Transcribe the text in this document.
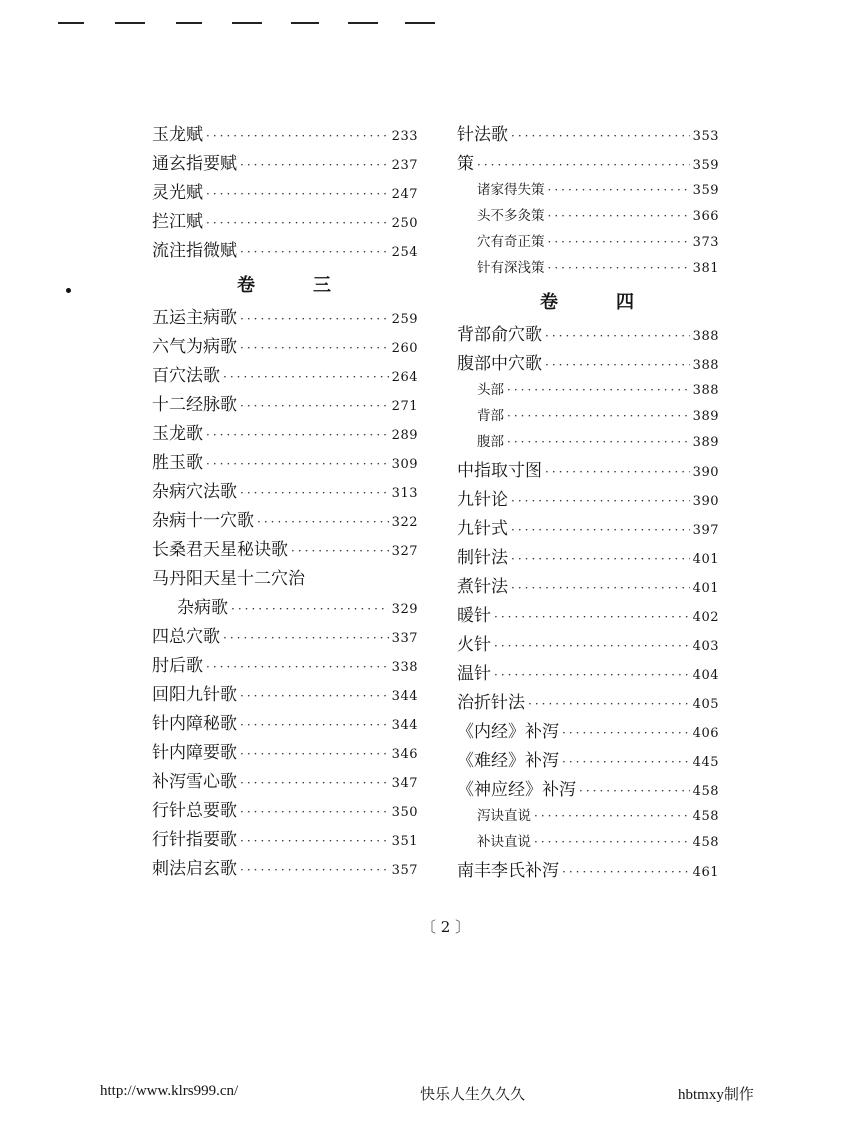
玉龙赋 ·····	233
通玄指要赋 ·····	237
灵光赋 ·····	247
拦江赋 ·····	250
流注指微赋 ·····	254
卷	三
五运主病歌 ·····	259
六气为病歌 ·····	260
百穴法歌 ·····	264
十二经脉歌 ·····	271
玉龙歌 ·····	289
胜玉歌 ·····	309
杂病穴法歌 ·····	313
杂病十一穴歌 ·····	322
长桑君天星秘诀歌 ·····	327
马丹阳天星十二穴治
杂病歌 ·····	329
四总穴歌 ·····	337
肘后歌 ·····	338
回阳九针歌 ·····	344
针内障秘歌 ·····	344
针内障要歌 ·····	346
补泻雪心歌 ·····	347
行针总要歌 ·····	350
行针指要歌 ·····	351
刺法启玄歌 ·····	357
针法歌 ·····	353
策 ·····	359
诸家得失策 ·····	359
头不多灸策 ·····	366
穴有奇正策 ·····	373
针有深浅策 ·····	381
卷	四
背部俞穴歌 ·····	388
腹部中穴歌 ·····	388
头部 ·····	388
背部 ·····	389
腹部 ·····	389
中指取寸图 ·····	390
九针论 ·····	390
九针式 ·····	397
制针法 ·····	401
煮针法 ·····	401
暖针 ·····	402
火针 ·····	403
温针 ·····	404
治折针法 ·····	405
《内经》补泻 ·····	406
《难经》补泻 ·····	445
《神应经》补泻 ·····	458
泻诀直说 ·····	458
补诀直说 ·····	458
南丰李氏补泻 ·····	461
〔 2 〕
http://www.klrs999.cn/	快乐人生久久久	hbtmxy制作
